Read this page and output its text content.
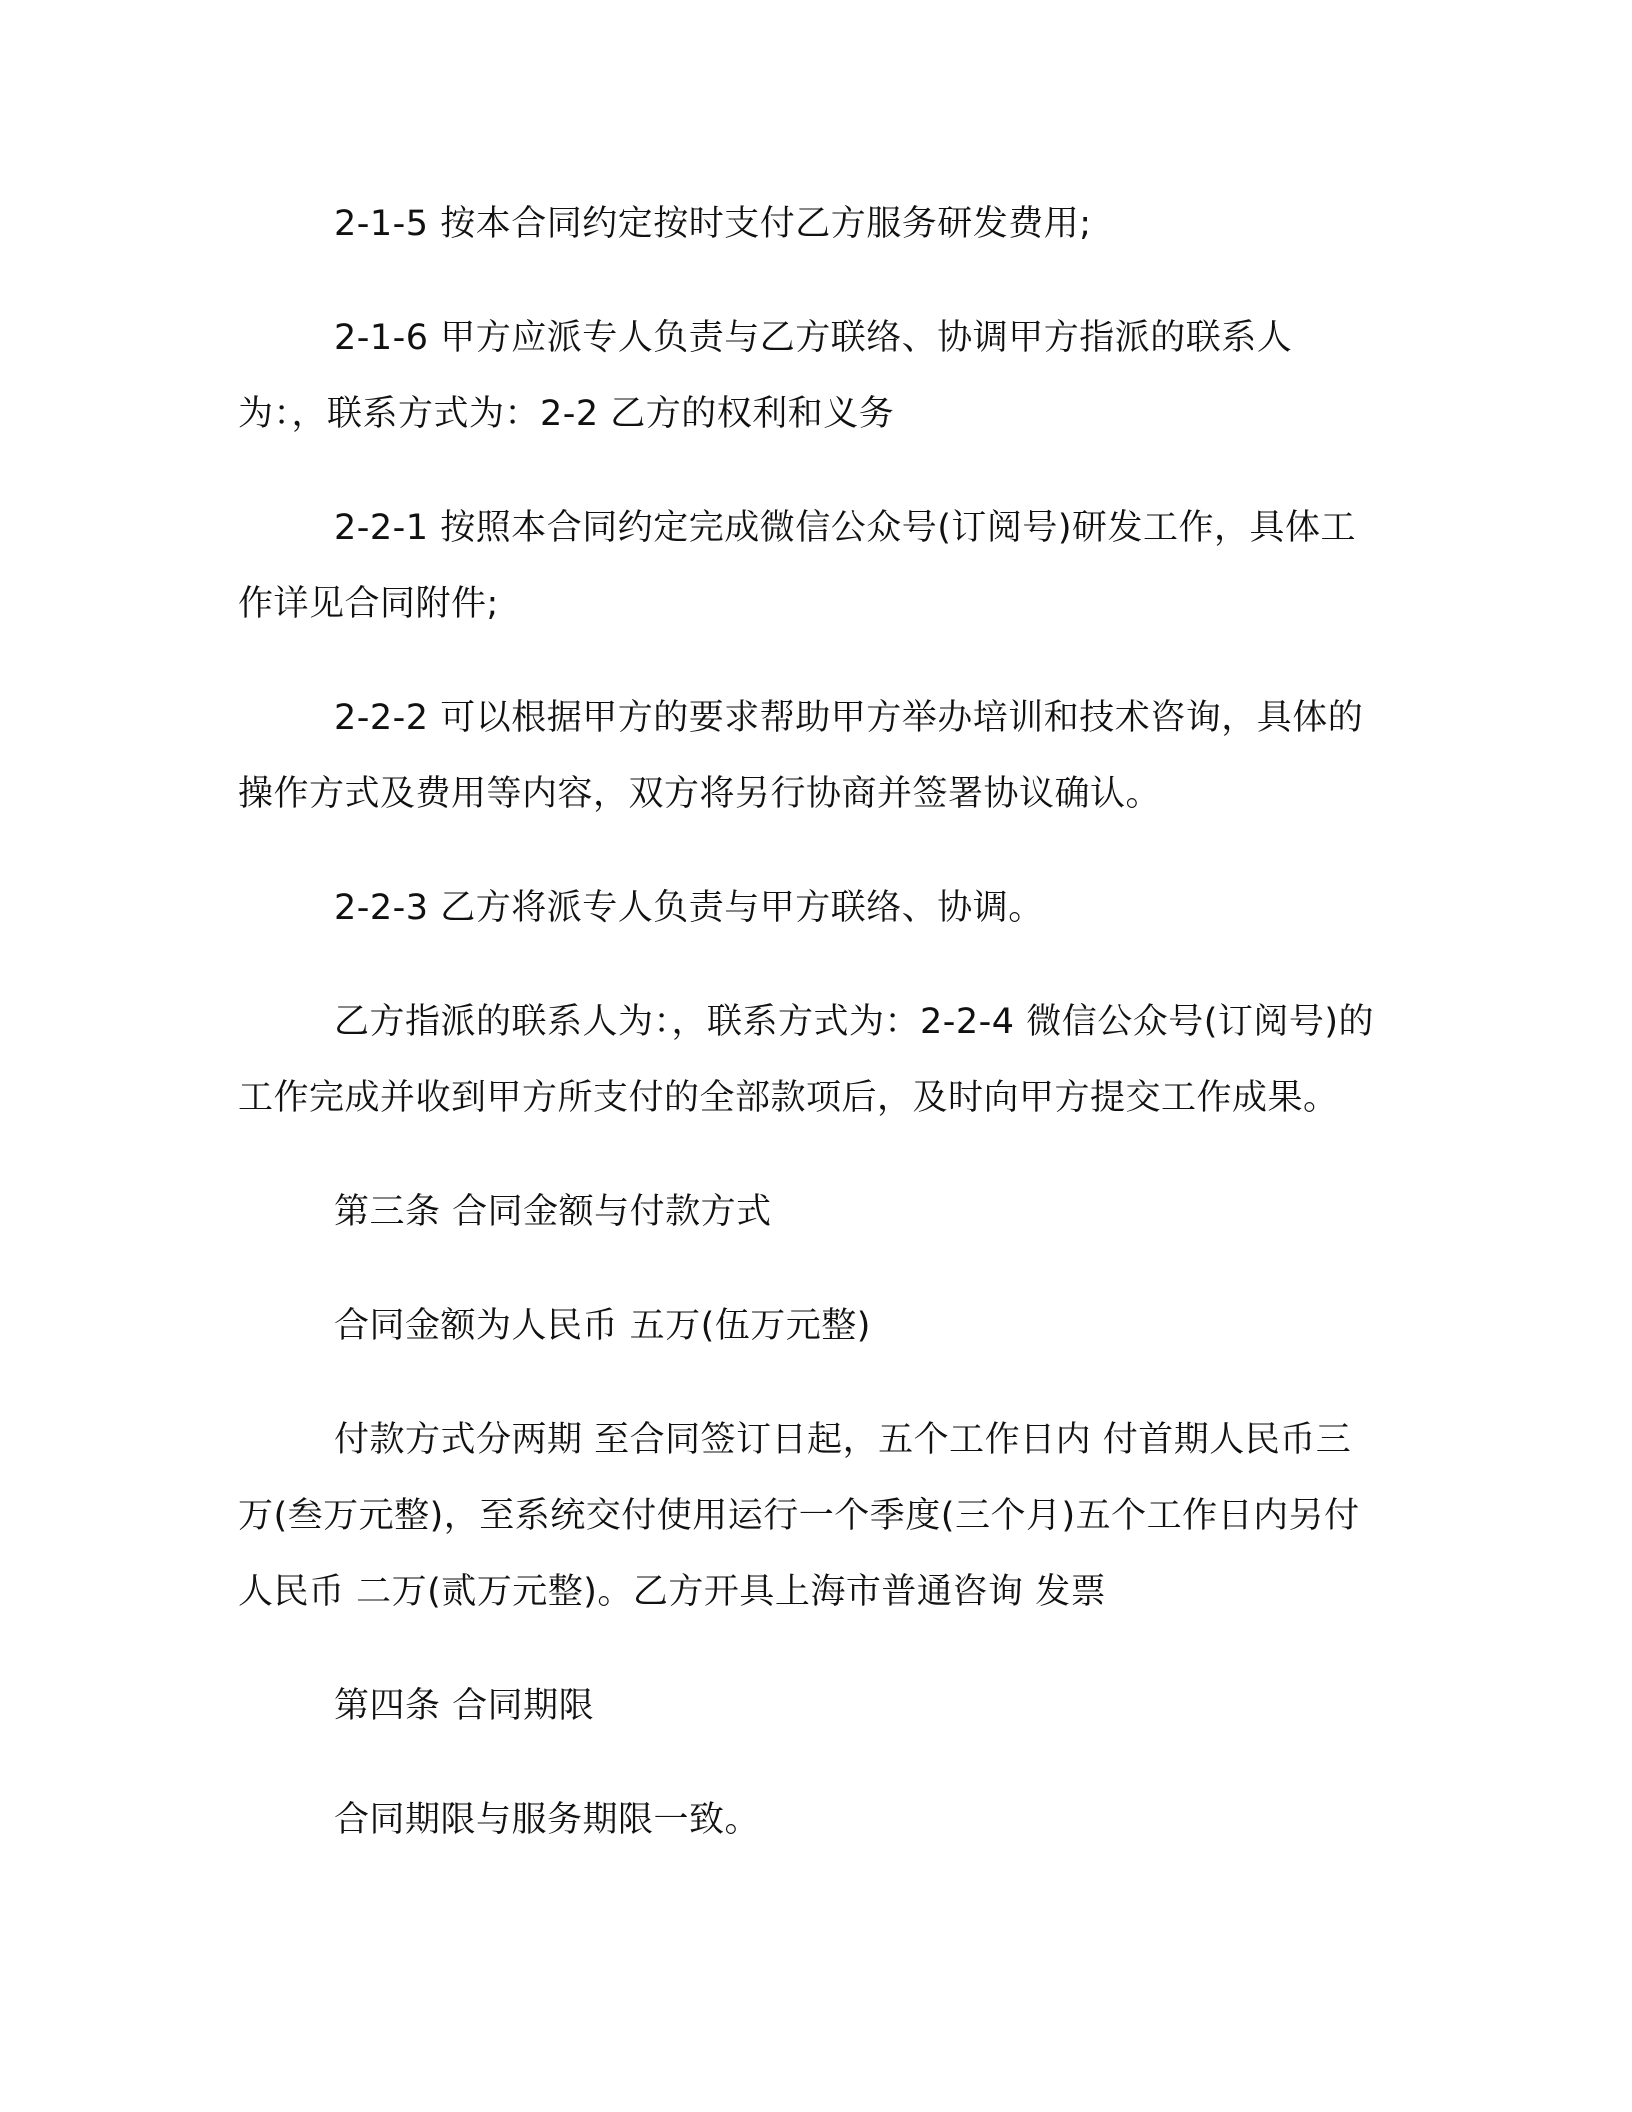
2-1-5 按本合同约定按时支付乙方服务研发费用;

2-1-6 甲方应派专人负责与乙方联络、协调甲方指派的联系人为：，联系方式为：2-2 乙方的权利和义务

2-2-1 按照本合同约定完成微信公众号(订阅号)研发工作，具体工作详见合同附件;

2-2-2 可以根据甲方的要求帮助甲方举办培训和技术咨询，具体的操作方式及费用等内容，双方将另行协商并签署协议确认。

2-2-3 乙方将派专人负责与甲方联络、协调。

乙方指派的联系人为：，联系方式为：2-2-4 微信公众号(订阅号)的工作完成并收到甲方所支付的全部款项后，及时向甲方提交工作成果。

第三条 合同金额与付款方式

合同金额为人民币 五万(伍万元整)

付款方式分两期 至合同签订日起，五个工作日内 付首期人民币三万(叁万元整)，至系统交付使用运行一个季度(三个月)五个工作日内另付人民币 二万(贰万元整)。乙方开具上海市普通咨询 发票

第四条 合同期限

合同期限与服务期限一致。
